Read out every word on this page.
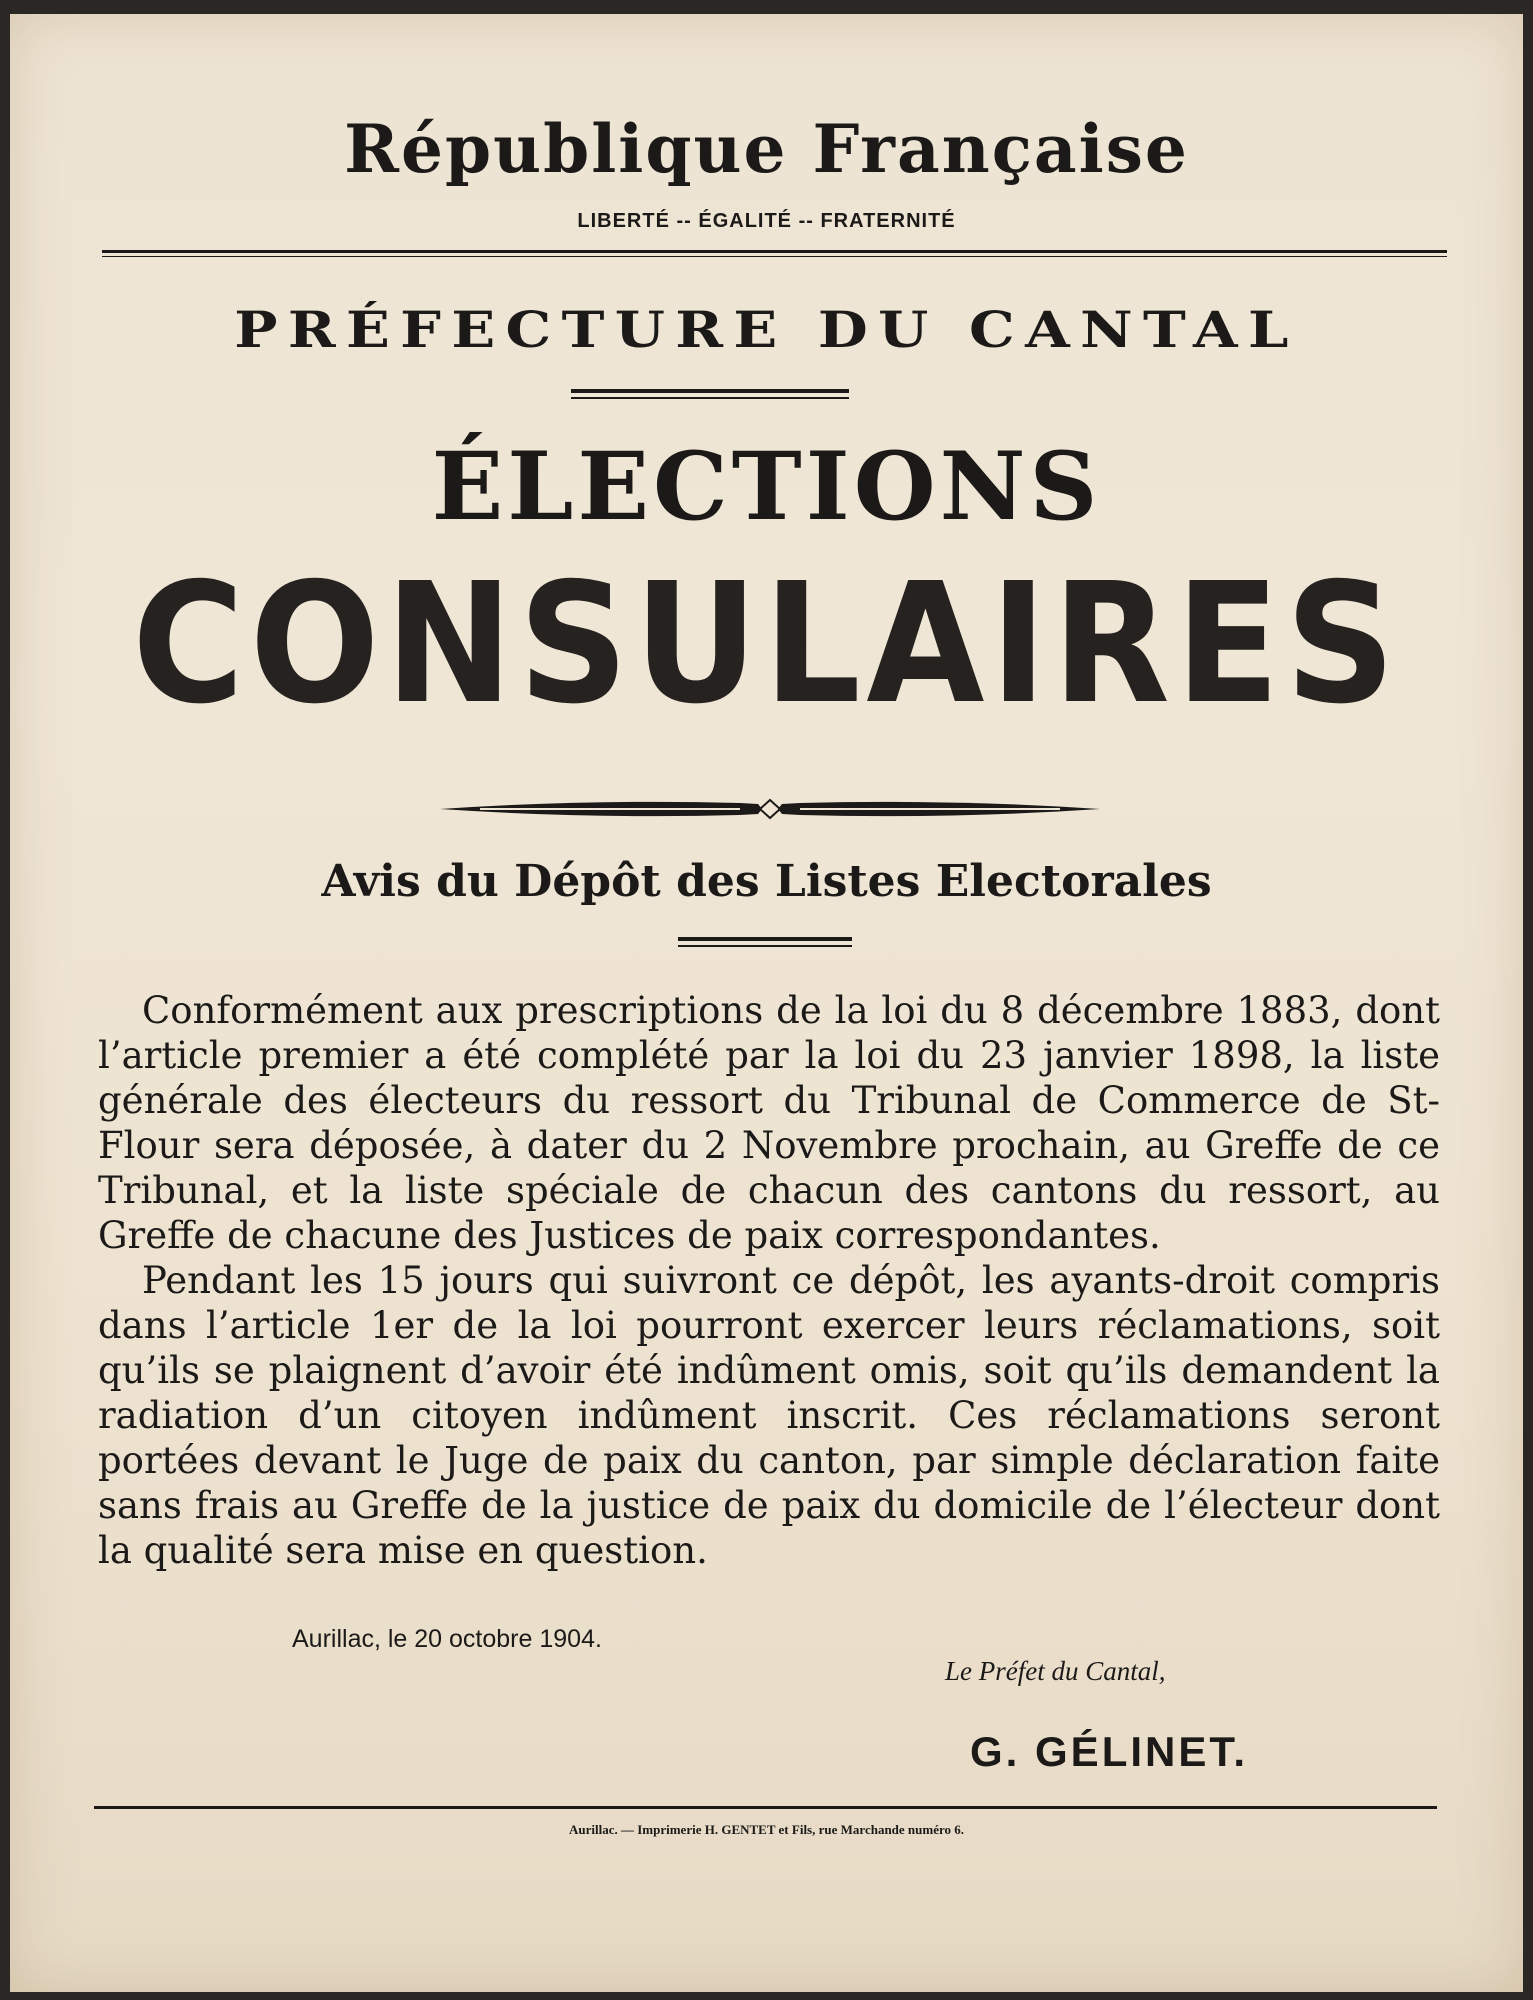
République Française
LIBERTÉ -- ÉGALITÉ -- FRATERNITÉ
PRÉFECTURE DU CANTAL
ÉLECTIONS
CONSULAIRES
Avis du Dépôt des Listes Electorales

Conformément aux prescriptions de la loi du 8 décembre 1883, dont l’article premier a été complété par la loi du 23 janvier 1898, la liste générale des électeurs du ressort du Tribunal de Commerce de St-Flour sera déposée, à dater du 2 Novembre prochain, au Greffe de ce Tribunal, et la liste spéciale de chacun des cantons du ressort, au Greffe de chacune des Justices de paix correspondantes.

Pendant les 15 jours qui suivront ce dépôt, les ayants-droit compris dans l’article 1er de la loi pourront exercer leurs réclamations, soit qu’ils se plaignent d’avoir été indûment omis, soit qu’ils demandent la radiation d’un citoyen indûment inscrit. Ces réclamations seront portées devant le Juge de paix du canton, par simple déclaration faite sans frais au Greffe de la justice de paix du domicile de l’électeur dont la qualité sera mise en question.

Aurillac, le 20 octobre 1904.
Le Préfet du Cantal,
G. GÉLINET.
Aurillac. — Imprimerie H. GENTET et Fils, rue Marchande numéro 6.
